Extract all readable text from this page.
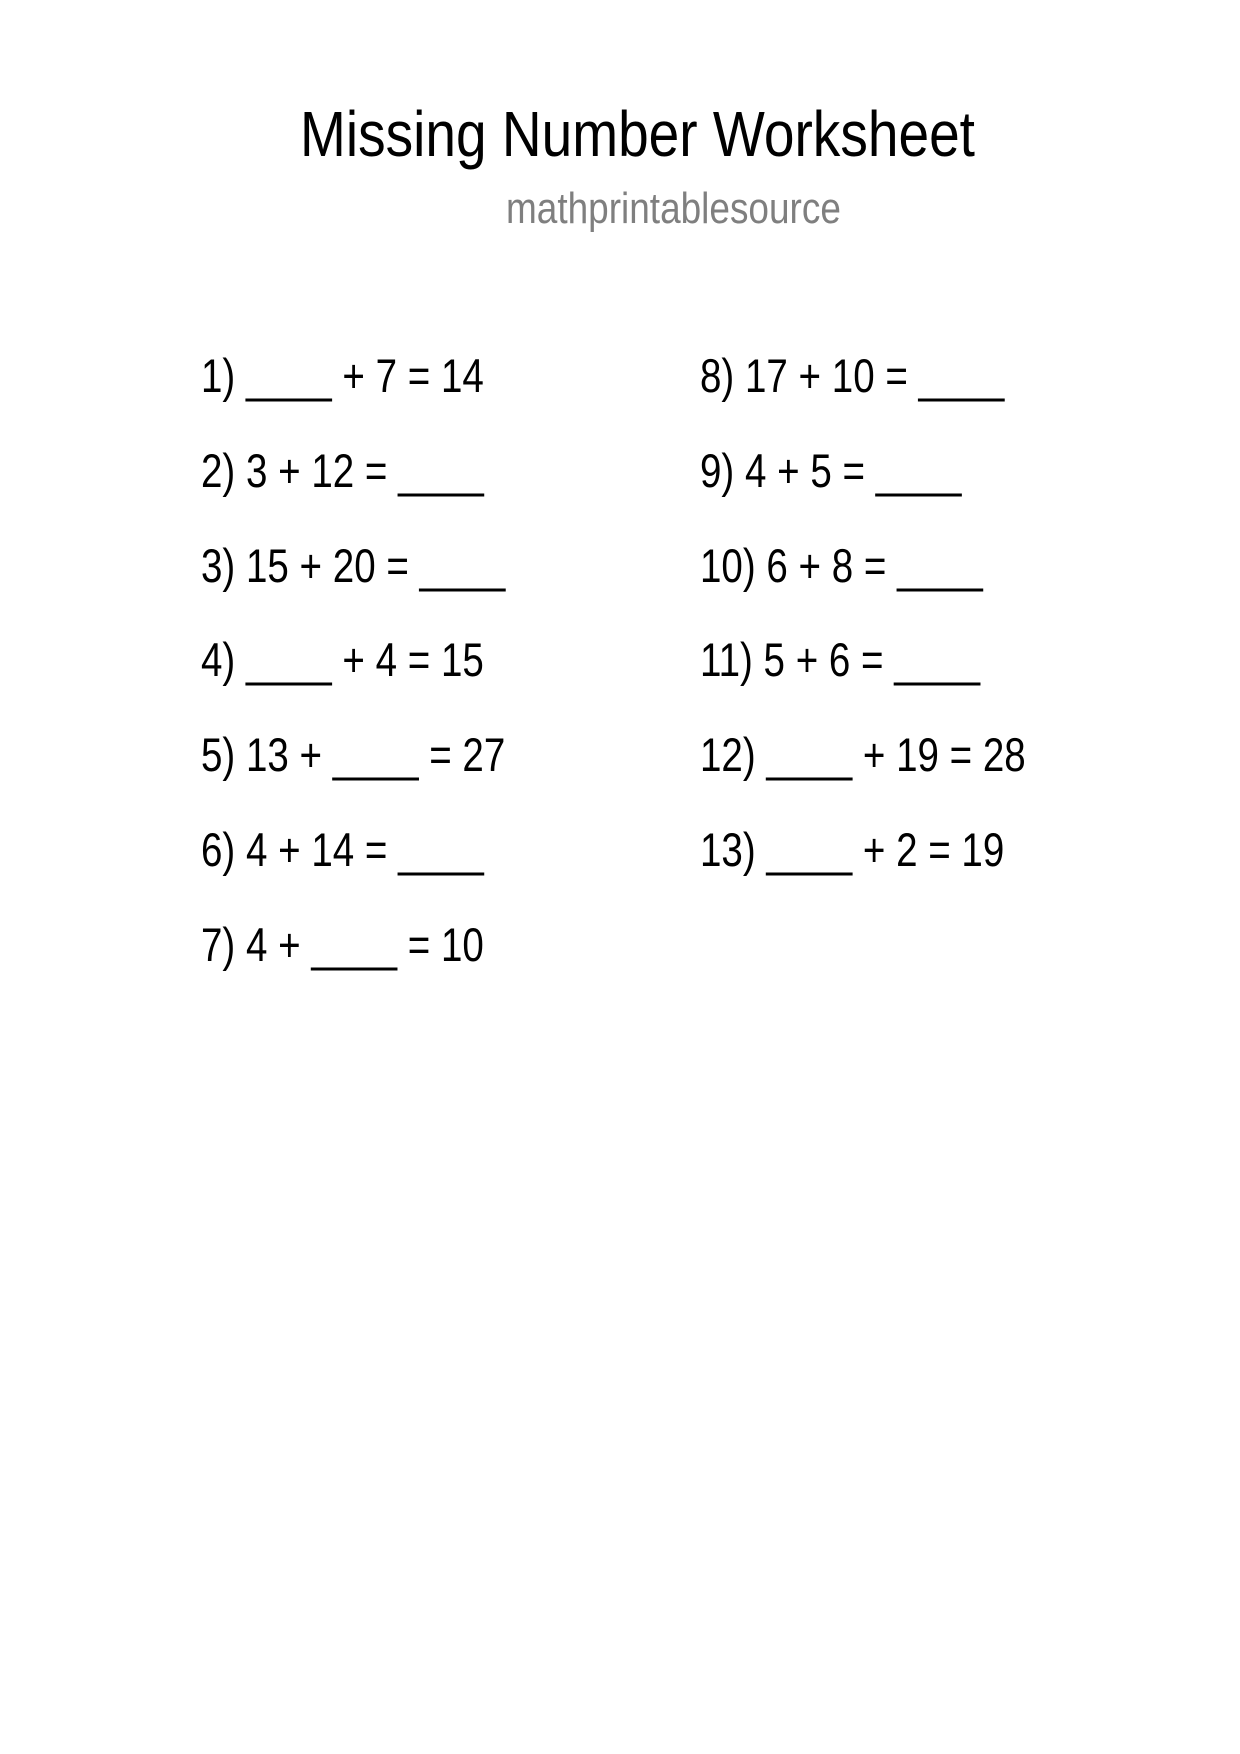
Missing Number Worksheet
mathprintablesource
1) ____ + 7 = 14
2) 3 + 12 = ____
3) 15 + 20 = ____
4) ____ + 4 = 15
5) 13 + ____ = 27
6) 4 + 14 = ____
7) 4 + ____ = 10
8) 17 + 10 = ____
9) 4 + 5 = ____
10) 6 + 8 = ____
11) 5 + 6 = ____
12) ____ + 19 = 28
13) ____ + 2 = 19
